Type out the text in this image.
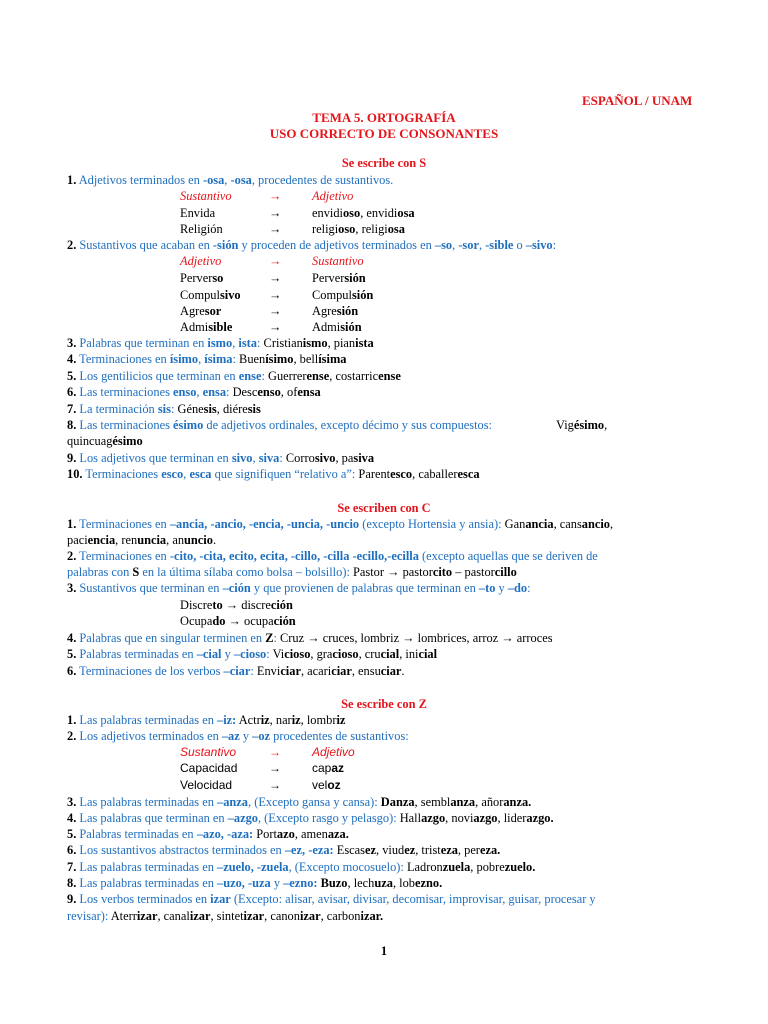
ESPAÑOL / UNAM
TEMA 5. ORTOGRAFÍA
USO CORRECTO DE CONSONANTES
Se escribe con S
1. Adjetivos terminados en -osa, -osa, procedentes de sustantivos.
Sustantivo	→ Adjetivo
Envida	→ envidioso, envidiosa
Religión	→ religioso, religiosa
2. Sustantivos que acaban en -sión y proceden de adjetivos terminados en –so, -sor, -sible o –sivo:
Adjetivo	→ Sustantivo
Perverso	→ Perversión
Compulsivo → Compulsión
Agresor	→ Agresión
Admisible	→ Admisión
3. Palabras que terminan en ismo, ista: Cristianismo, pianista
4. Terminaciones en ísimo, ísima: Buenísimo, bellísima
5. Los gentilicios que terminan en ense: Guerrerense, costarricense
6. Las terminaciones enso, ensa: Descenso, ofensa
7. La terminación sis: Génesis, diéresis
8. Las terminaciones ésimo de adjetivos ordinales, excepto décimo y sus compuestos:	Vigésimo,
quincuagésimo
9. Los adjetivos que terminan en sivo, siva: Corrosivo, pasiva
10. Terminaciones esco, esca que signifiquen “relativo a”: Parentesco, caballeresca
Se escriben con C
1. Terminaciones en –ancia, -ancio, -encia, -uncia, -uncio (excepto Hortensia y ansia): Ganancia, cansancio,
paciencia, renuncia, anuncio.
2. Terminaciones en -cito, -cita, ecito, ecita, -cillo, -cilla -ecillo,-ecilla (excepto aquellas que se deriven de
palabras con S en la última sílaba como bolsa – bolsillo): Pastor → pastorcito – pastorcillo
3. Sustantivos que terminan en –ción y que provienen de palabras que terminan en –to y –do:
Discreto → discreción
Ocupado → ocupación
4. Palabras que en singular terminen en Z: Cruz → cruces, lombriz → lombrices, arroz → arroces
5. Palabras terminadas en –cial y –cioso: Vicioso, gracioso, crucial, inicial
6. Terminaciones de los verbos –ciar: Enviciar, acariciar, ensuciar.
Se escribe con Z
1. Las palabras terminadas en –iz: Actriz, nariz, lombriz
2. Los adjetivos terminados en –az y –oz procedentes de sustantivos:
Sustantivo	→	Adjetivo
Capacidad	→	capaz
Velocidad	→	veloz
3. Las palabras terminadas en –anza, (Excepto gansa y cansa): Danza, semblanza, añoranza.
4. Las palabras que terminan en –azgo, (Excepto rasgo y pelasgo): Hallazgo, noviazgo, liderazgo.
5. Palabras terminadas en –azo, -aza: Portazo, amenaza.
6. Los sustantivos abstractos terminados en –ez, -eza: Escasez, viudez, tristeza, pereza.
7. Las palabras terminadas en –zuelo, -zuela, (Excepto mocosuelo): Ladronzuela, pobrezuelo.
8. Las palabras terminadas en –uzo, -uza y –ezno: Buzo, lechuza, lobezno.
9. Los verbos terminados en izar (Excepto: alisar, avisar, divisar, decomisar, improvisar, guisar, procesar y
revisar): Aterrizar, canalizar, sintetizar, canonizar, carbonizar.
1
